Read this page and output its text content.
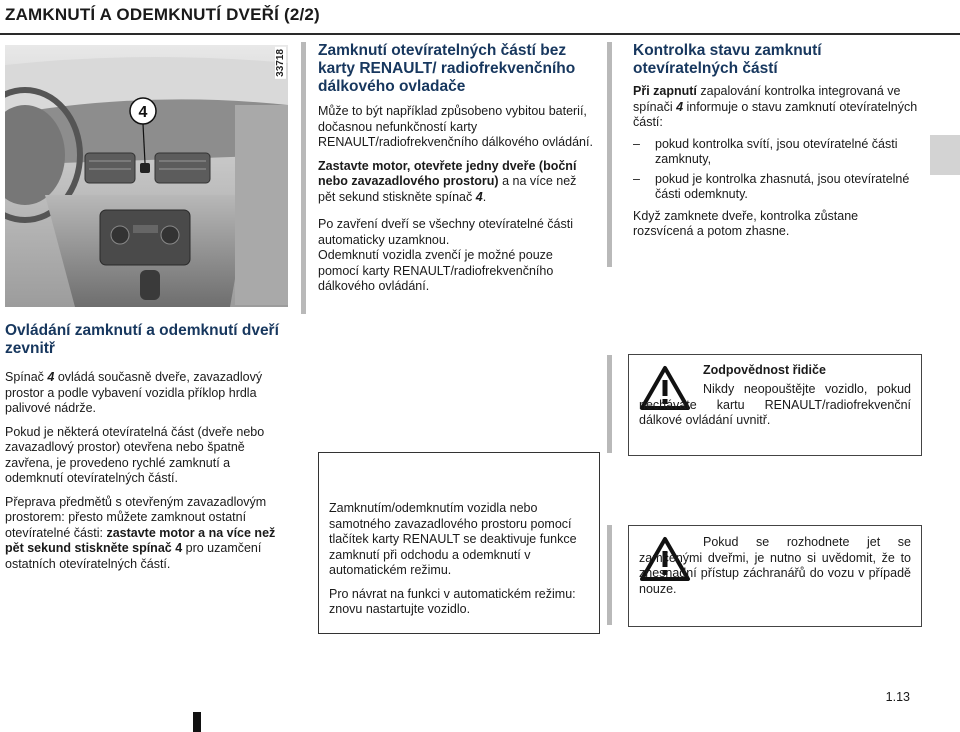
ZAMKNUTÍ A ODEMKNUTÍ DVEŘÍ (2/2)
4
33718
Ovládání zamknutí a odemknutí dveří zevnitř

Spínač 4 ovládá současně dveře, zavazadlový prostor a podle vybavení vozidla příklop hrdla palivové nádrže.

Pokud je některá otevíratelná část (dveře nebo zavazadlový prostor) otevřena nebo špatně zavřena, je provedeno rychlé zamknutí a odemknutí otevíratelných částí.

Přeprava předmětů s otevřeným zavazadlovým prostorem: přesto můžete zamknout ostatní otevíratelné části: zastavte motor a na více než pět sekund stiskněte spínač 4 pro uzamčení ostatních otevíratelných částí.

Zamknutí otevíratelných částí bez karty RENAULT/ radiofrekvenčního dálkového ovladače

Může to být například způsobeno vybitou baterií, dočasnou nefunkčností karty RENAULT/radiofrekvenčního dálkového ovládání.

Zastavte motor, otevřete jedny dveře (boční nebo zavazadlového prostoru) a na více než pět sekund stiskněte spínač 4.

Po zavření dveří se všechny otevíratelné části automaticky uzamknou.

Odemknutí vozidla zvenčí je možné pouze pomocí karty RENAULT/radiofrekvenčního dálkového ovládání.

Zamknutím/odemknutím vozidla nebo samotného zavazadlového prostoru pomocí tlačítek karty RENAULT se deaktivuje funkce zamknutí při odchodu a odemknutí v automatickém režimu.

Pro návrat na funkci v automatickém režimu: znovu nastartujte vozidlo.

Kontrolka stavu zamknutí otevíratelných částí

Při zapnutí zapalování kontrolka integrovaná ve spínači 4 informuje o stavu zamknutí otevíratelných částí:

– pokud kontrolka svítí, jsou otevíratelné části zamknuty,
– pokud je kontrolka zhasnutá, jsou otevíratelné části odemknuty.

Když zamknete dveře, kontrolka zůstane rozsvícená a potom zhasne.

Zodpovědnost řidiče

Nikdy neopouštějte vozidlo, pokud necháváte kartu RENAULT/radiofrekvenční dálkové ovládání uvnitř.

Pokud se rozhodnete jet se zamčenými dveřmi, je nutno si uvědomit, že to znesnadní přístup záchranářů do vozu v případě nouze.

1.13
